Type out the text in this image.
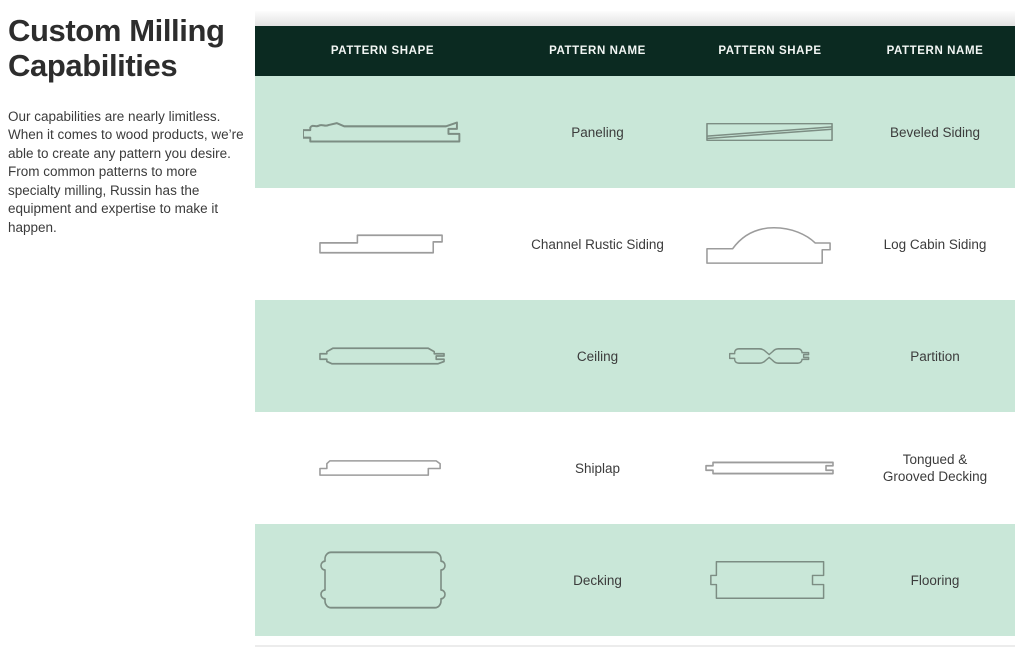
Custom Milling Capabilities

Our capabilities are nearly limitless. When it comes to wood products, we’re able to create any pattern you desire. From common patterns to more specialty milling, Russin has the equipment and expertise to make it happen.

PATTERN SHAPE	PATTERN NAME	PATTERN SHAPE	PATTERN NAME
	Paneling		Beveled Siding
	Channel Rustic Siding		Log Cabin Siding
	Ceiling		Partition
	Shiplap		Tongued & Grooved Decking
	Decking		Flooring
